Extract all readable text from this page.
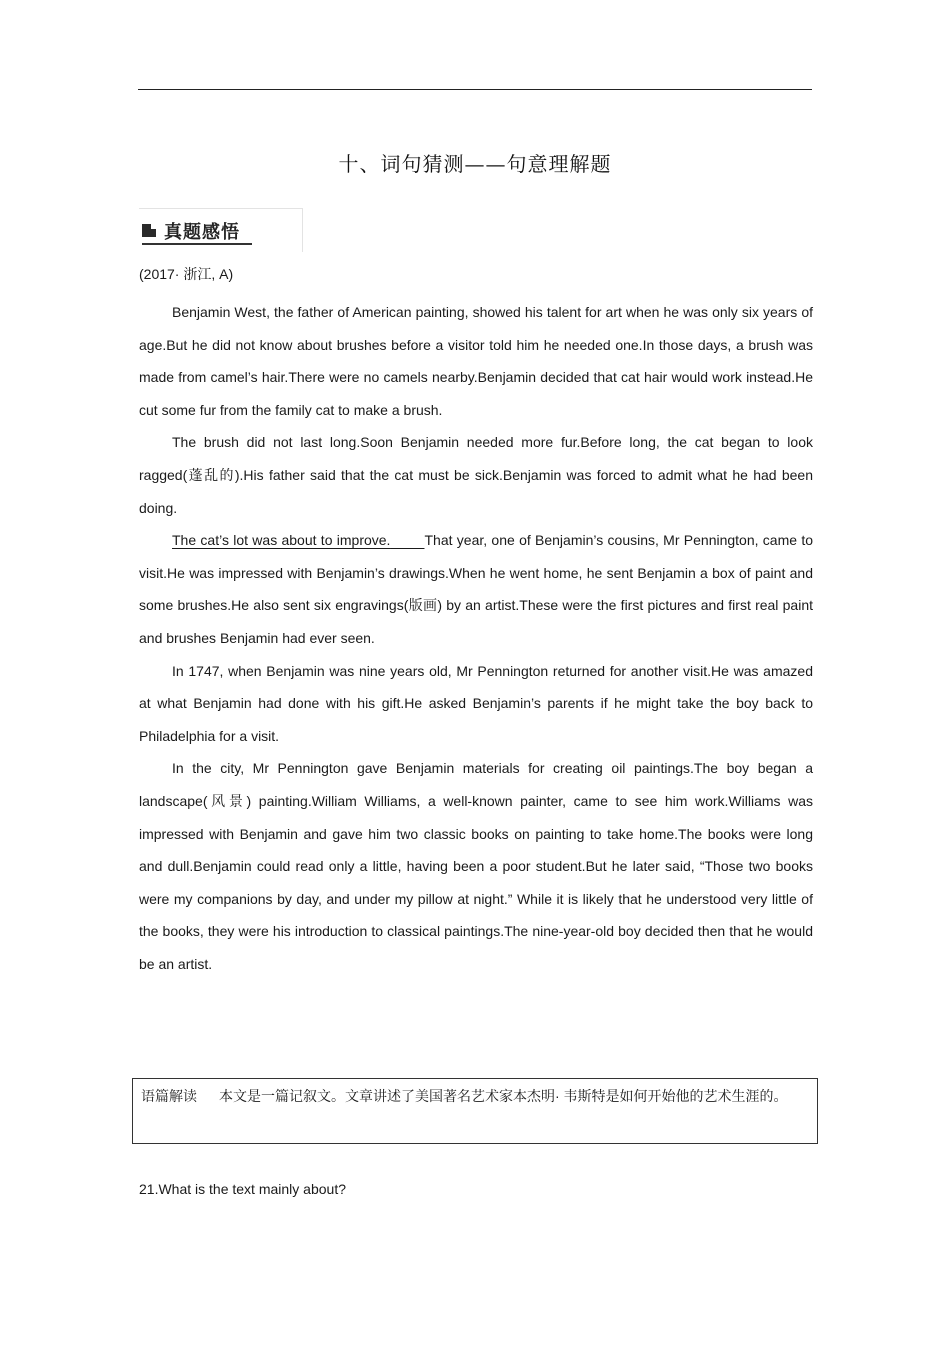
十、词句猜测——句意理解题
真题感悟
(2017· 浙江, A)

Benjamin West, the father of American painting, showed his talent for art when he was only six years of age.But he did not know about brushes before a visitor told him he needed one.In those days, a brush was made from camel’s hair.There were no camels nearby.Benjamin decided that cat hair would work instead.He cut some fur from the family cat to make a brush.

The brush did not last long.Soon Benjamin needed more fur.Before long, the cat began to look ragged(蓬乱的).His father said that the cat must be sick.Benjamin was forced to admit what he had been doing.

The cat’s lot was about to improve. That year, one of Benjamin’s cousins, Mr Pennington, came to visit.He was impressed with Benjamin’s drawings.When he went home, he sent Benjamin a box of paint and some brushes.He also sent six engravings(版画) by an artist.These were the first pictures and first real paint and brushes Benjamin had ever seen.

In 1747, when Benjamin was nine years old, Mr Pennington returned for another visit.He was amazed at what Benjamin had done with his gift.He asked Benjamin’s parents if he might take the boy back to Philadelphia for a visit.

In the city, Mr Pennington gave Benjamin materials for creating oil paintings.The boy began a landscape(风景) painting.William Williams, a well-known painter, came to see him work.Williams was impressed with Benjamin and gave him two classic books on painting to take home.The books were long and dull.Benjamin could read only a little, having been a poor student.But he later said, “Those two books were my companions by day, and under my pillow at night.” While it is likely that he understood very little of the books, they were his introduction to classical paintings.The nine-year-old boy decided then that he would be an artist.

语篇解读 本文是一篇记叙文。文章讲述了美国著名艺术家本杰明· 韦斯特是如何开始他的艺术生涯的。
21.What is the text mainly about?
